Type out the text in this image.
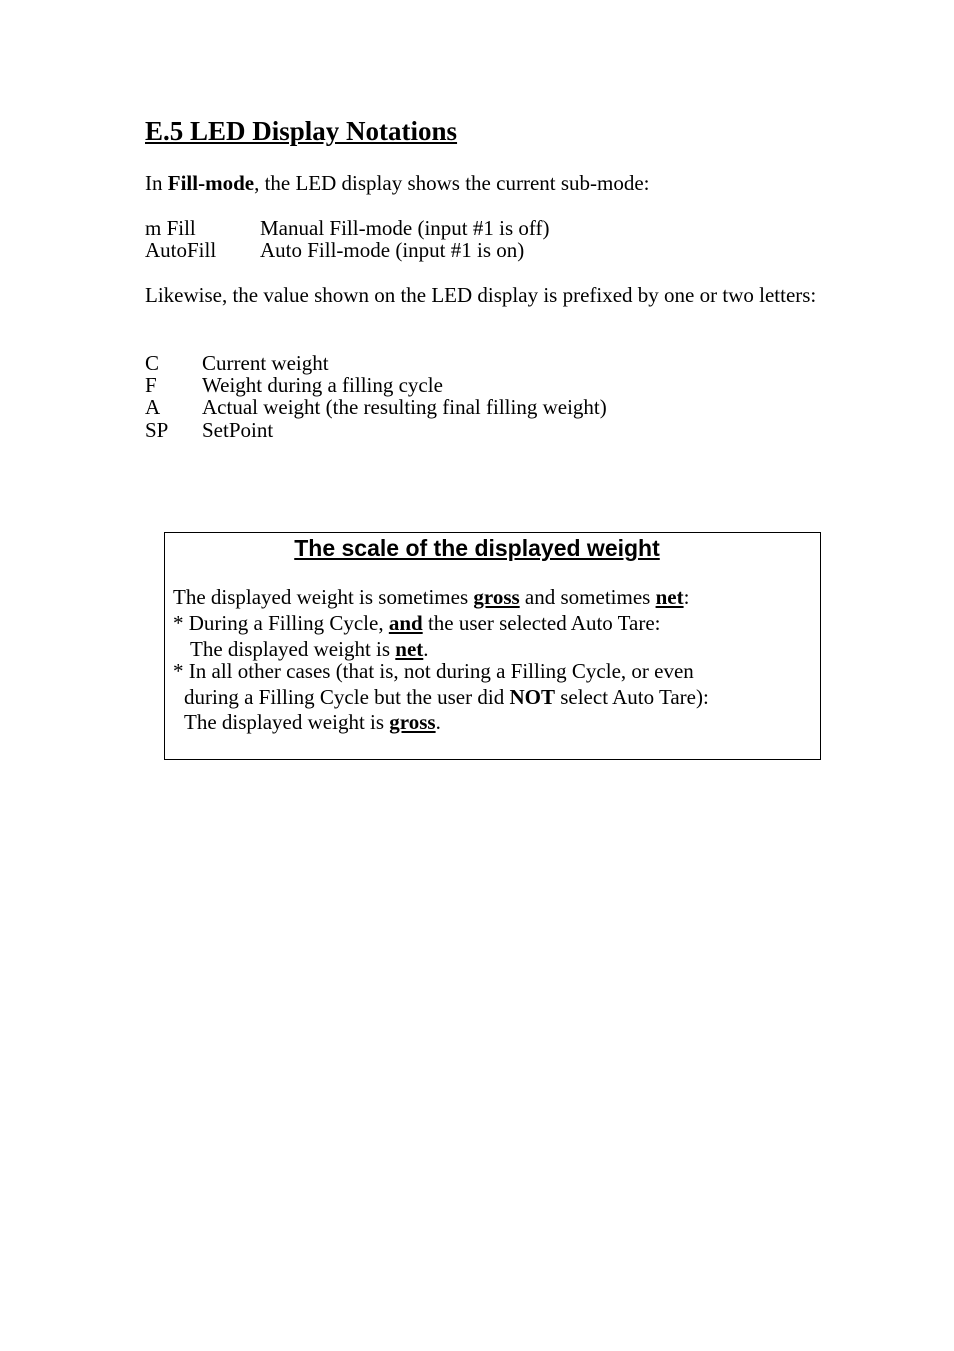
E.5 LED Display Notations

In Fill-mode, the LED display shows the current sub-mode:

m Fill	Manual Fill-mode (input #1 is off)
AutoFill Auto Fill-mode (input #1 is on)

Likewise, the value shown on the LED display is prefixed by one or two letters:

C Current weight
F Weight during a filling cycle
A Actual weight (the resulting final filling weight)
SP SetPoint
The scale of the displayed weight

The displayed weight is sometimes gross and sometimes net:

* During a Filling Cycle, and the user selected Auto Tare:

The displayed weight is net.

* In all other cases (that is, not during a Filling Cycle, or even

during a Filling Cycle but the user did NOT select Auto Tare):

The displayed weight is gross.
